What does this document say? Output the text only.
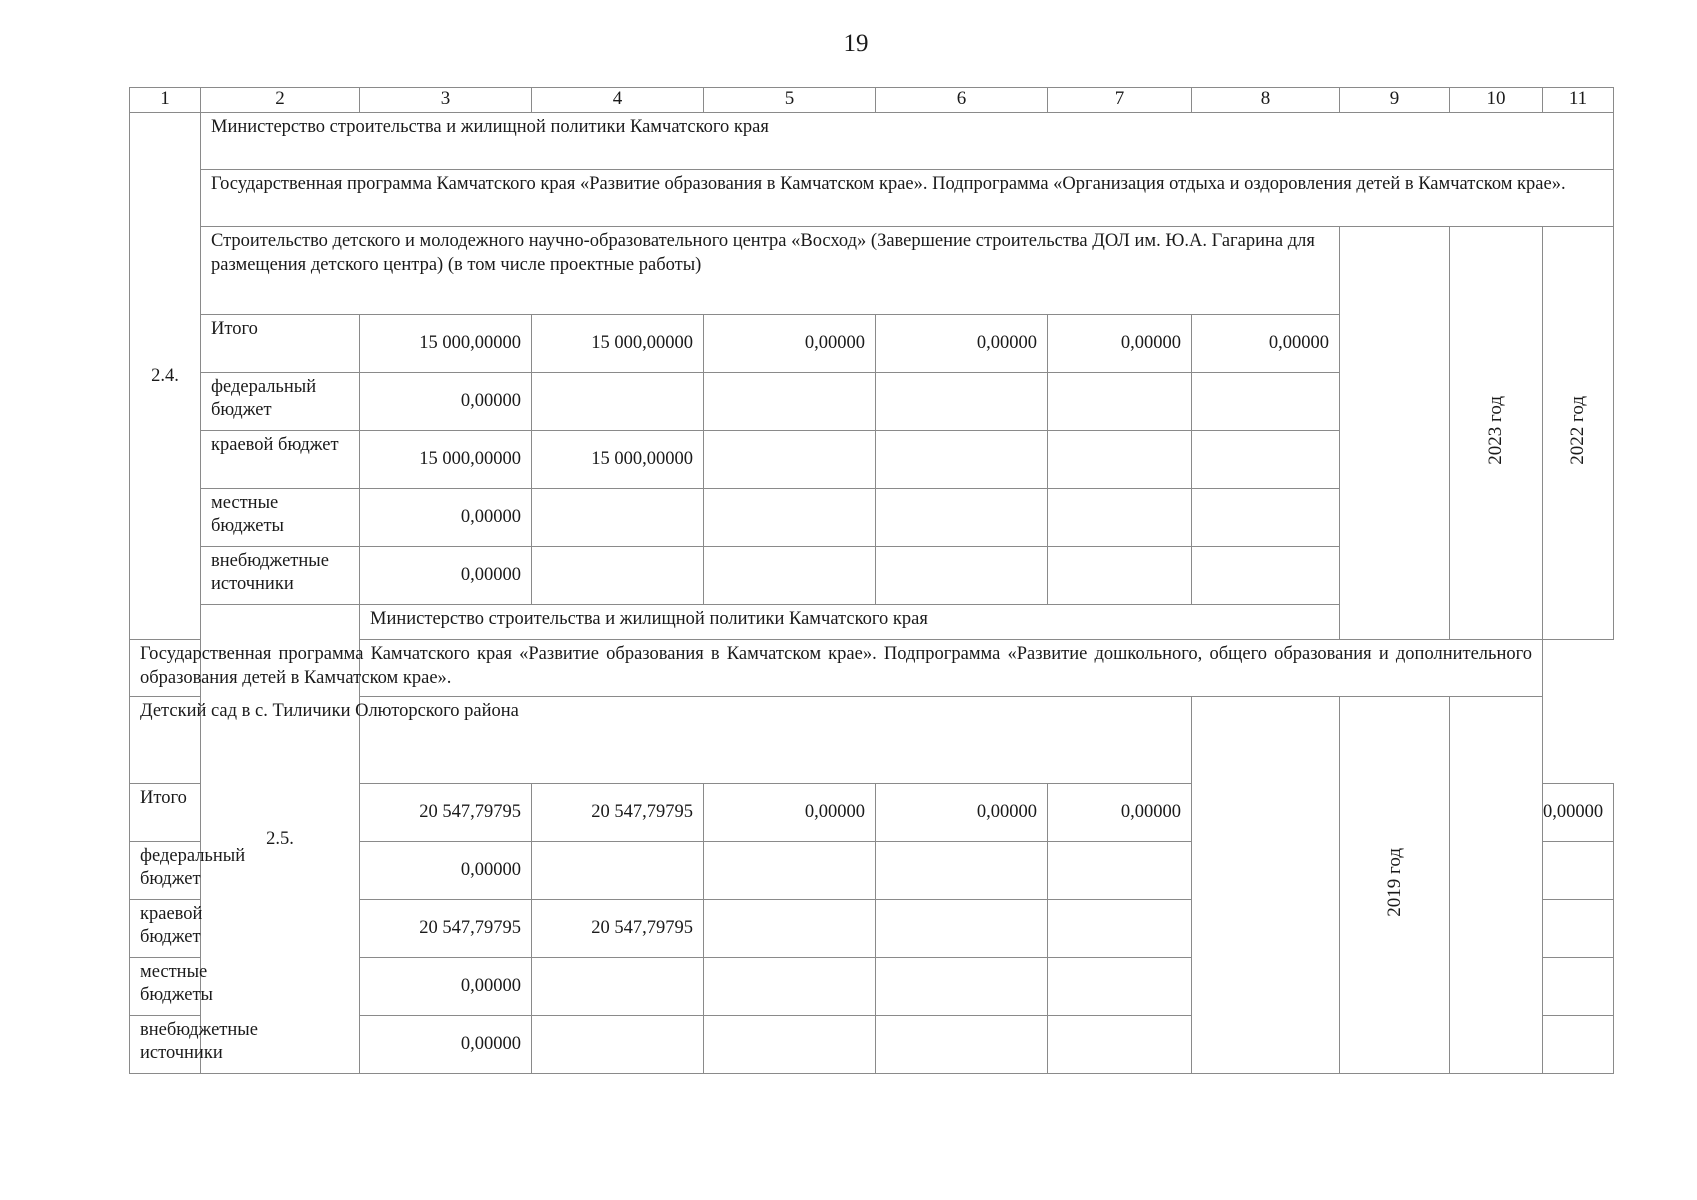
19
1	2	3	4	5	6	7	8	9	10	11
2.4.	Министерство строительства и жилищной политики Камчатского края									
	Государственная программа Камчатского края «Развитие образования в Камчатском крае». Подпрограмма «Организация отдыха и оздоровления детей в Камчатском крае».									
	Строительство детского и молодежного научно-образовательного центра «Восход» (Завершение строительства ДОЛ им. Ю.А. Гагарина для размещения детского центра) (в том числе проектные работы)								2023 год	2022 год
	Итого	15 000,00000	15 000,00000	0,00000	0,00000	0,00000	0,00000			
	федеральный бюджет	0,00000								
	краевой бюджет	15 000,00000	15 000,00000							
	местные бюджеты	0,00000								
	внебюджетные источники	0,00000								
	2.5.	Министерство строительства и жилищной политики Камчатского края								
Государственная программа Камчатского края «Развитие образования в Камчатском крае». Подпрограмма «Развитие дошкольного, общего образования и дополнительного образования детей в Камчатском крае».										
Детский сад в с. Тиличики Олюторского района								2019 год		
Итого		20 547,79795	20 547,79795	0,00000	0,00000	0,00000				0,00000
федеральный бюджет		0,00000								
краевой бюджет		20 547,79795	20 547,79795							
местные бюджеты		0,00000								
внебюджетные источники		0,00000								
